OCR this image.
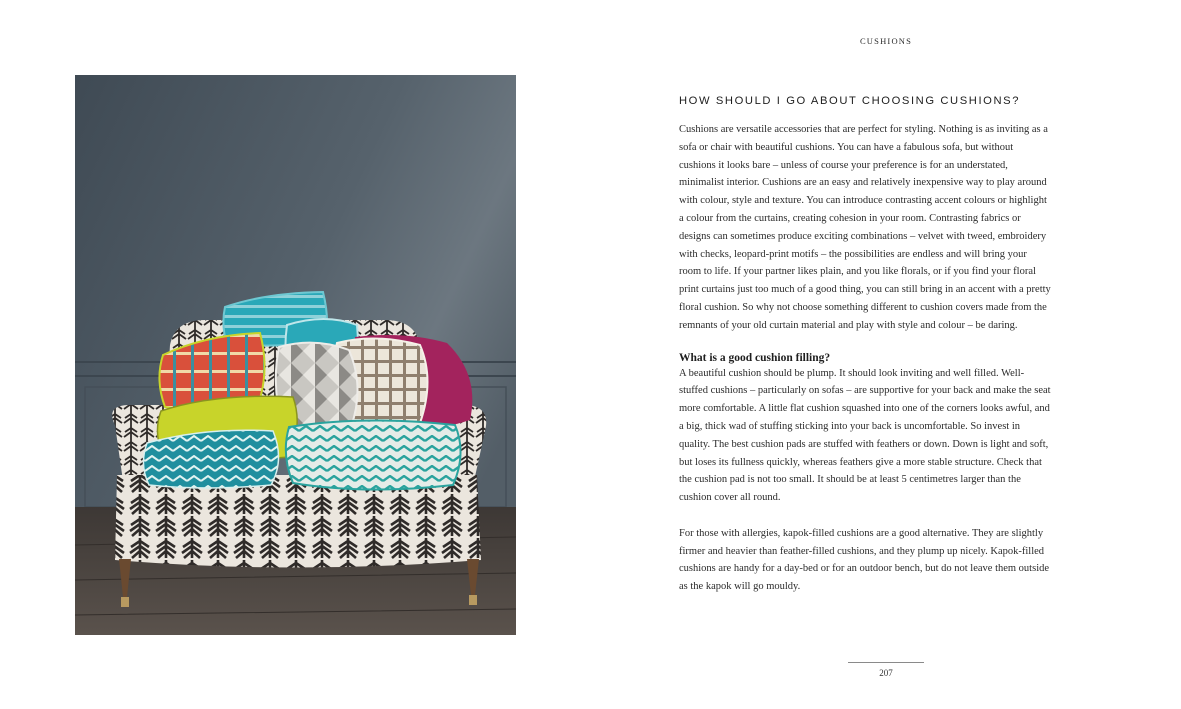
CUSHIONS
HOW SHOULD I GO ABOUT CHOOSING CUSHIONS?

Cushions are versatile accessories that are perfect for styling. Nothing is as inviting as a sofa or chair with beautiful cushions. You can have a fabulous sofa, but without cushions it looks bare – unless of course your preference is for an understated, minimalist interior. Cushions are an easy and relatively inexpensive way to play around with colour, style and texture. You can introduce contrasting accent colours or highlight a colour from the curtains, creating cohesion in your room. Contrasting fabrics or designs can sometimes produce exciting combinations – velvet with tweed, embroidery with checks, leopard-print motifs – the possibilities are endless and will bring your room to life. If your partner likes plain, and you like florals, or if you find your floral print curtains just too much of a good thing, you can still bring in an accent with a pretty floral cushion. So why not choose something different to cushion covers made from the remnants of your old curtain material and play with style and colour – be daring.

What is a good cushion filling?

A beautiful cushion should be plump. It should look inviting and well filled. Well-stuffed cushions – particularly on sofas – are supportive for your back and make the seat more comfortable. A little flat cushion squashed into one of the corners looks awful, and a big, thick wad of stuffing sticking into your back is uncomfortable. So invest in quality. The best cushion pads are stuffed with feathers or down. Down is light and soft, but loses its fullness quickly, whereas feathers give a more stable structure. Check that the cushion pad is not too small. It should be at least 5 centimetres larger than the cushion cover all round.

For those with allergies, kapok-filled cushions are a good alternative. They are slightly firmer and heavier than feather-filled cushions, and they plump up nicely. Kapok-filled cushions are handy for a day-bed or for an outdoor bench, but do not leave them outside as the kapok will go mouldy.

207
